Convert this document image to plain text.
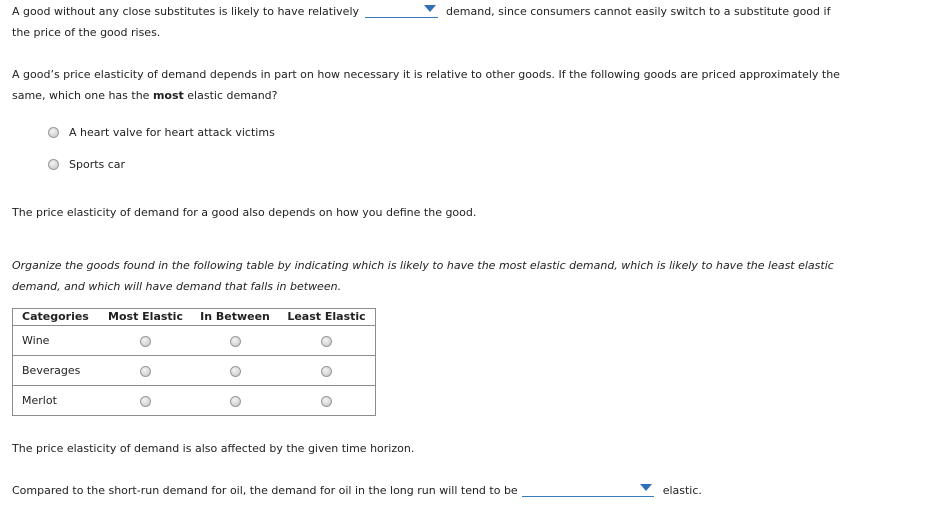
A good without any close substitutes is likely to have relatively	demand, since consumers cannot easily switch to a substitute good if the price of the good rises.
A good’s price elasticity of demand depends in part on how necessary it is relative to other goods. If the following goods are priced approximately the same, which one has the most elastic demand?
A heart valve for heart attack victims
Sports car
The price elasticity of demand for a good also depends on how you define the good.
Organize the goods found in the following table by indicating which is likely to have the most elastic demand, which is likely to have the least elastic demand, and which will have demand that falls in between.
Categories	Most Elastic	In Between	Least Elastic
Wine			
Beverages			
Merlot			
The price elasticity of demand is also affected by the given time horizon.
Compared to the short-run demand for oil, the demand for oil in the long run will tend to be	elastic.
